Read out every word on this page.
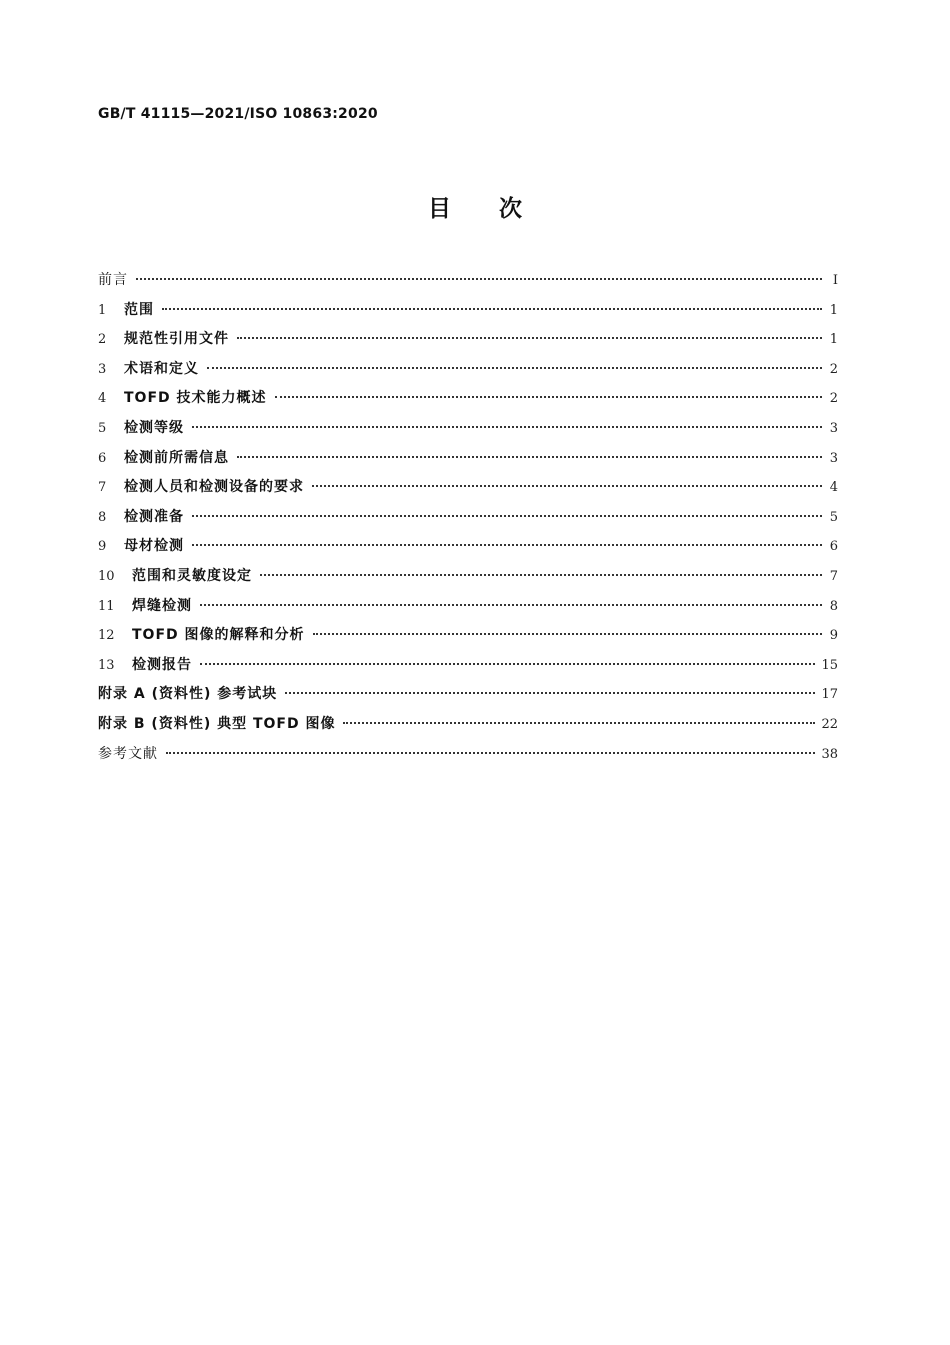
GB/T 41115—2021/ISO 10863:2020
目 次
前言	I
1	范围	1
2	规范性引用文件	1
3	术语和定义	2
4	TOFD 技术能力概述	2
5	检测等级	3
6	检测前所需信息	3
7	检测人员和检测设备的要求	4
8	检测准备	5
9	母材检测	6
10	范围和灵敏度设定	7
11	焊缝检测	8
12	TOFD 图像的解释和分析	9
13	检测报告	15
附录 A (资料性) 参考试块	17
附录 B (资料性) 典型 TOFD 图像	22
参考文献	38
